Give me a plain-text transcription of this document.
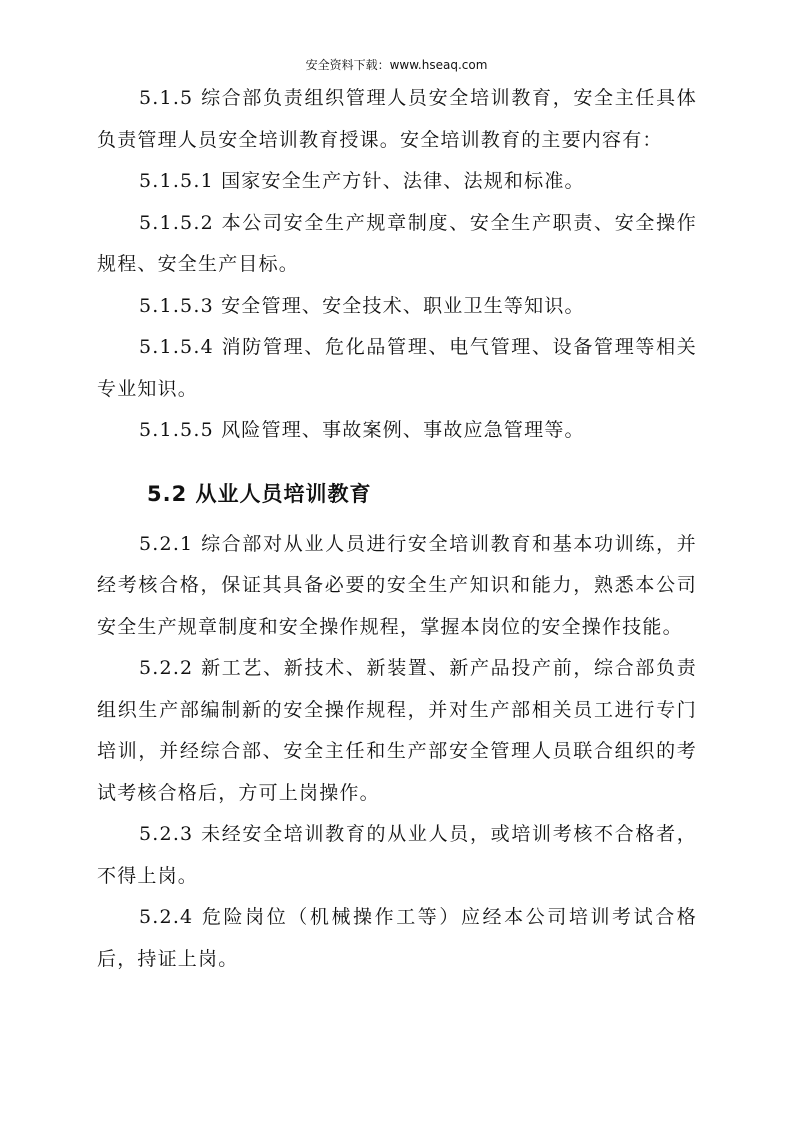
安全资料下载：www.hseaq.com

5.1.5 综合部负责组织管理人员安全培训教育，安全主任具体负责管理人员安全培训教育授课。安全培训教育的主要内容有：

5.1.5.1 国家安全生产方针、法律、法规和标准。

5.1.5.2 本公司安全生产规章制度、安全生产职责、安全操作规程、安全生产目标。

5.1.5.3 安全管理、安全技术、职业卫生等知识。

5.1.5.4 消防管理、危化品管理、电气管理、设备管理等相关专业知识。

5.1.5.5 风险管理、事故案例、事故应急管理等。

5.2 从业人员培训教育

5.2.1 综合部对从业人员进行安全培训教育和基本功训练，并经考核合格，保证其具备必要的安全生产知识和能力，熟悉本公司安全生产规章制度和安全操作规程，掌握本岗位的安全操作技能。

5.2.2 新工艺、新技术、新装置、新产品投产前，综合部负责组织生产部编制新的安全操作规程，并对生产部相关员工进行专门培训，并经综合部、安全主任和生产部安全管理人员联合组织的考试考核合格后，方可上岗操作。

5.2.3 未经安全培训教育的从业人员，或培训考核不合格者，不得上岗。

5.2.4 危险岗位（机械操作工等）应经本公司培训考试合格后，持证上岗。
